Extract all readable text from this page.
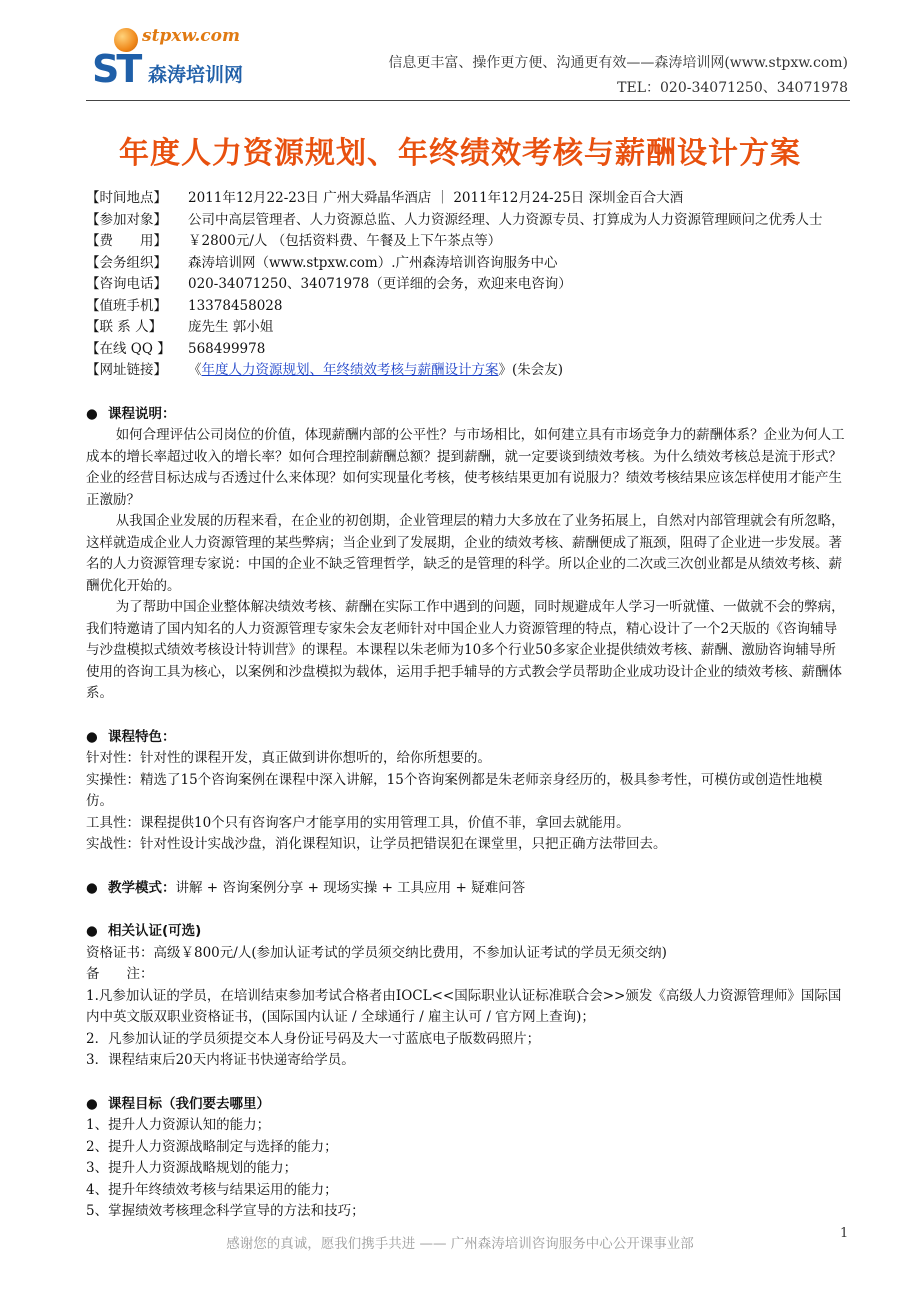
stpxw.com
ST 森涛培训网
信息更丰富、操作更方便、沟通更有效——森涛培训网(www.stpxw.com)
TEL：020-34071250、34071978
年度人力资源规划、年终绩效考核与薪酬设计方案
【时间地点】	2011年12月22-23日 广州大舜晶华酒店 ｜ 2011年12月24-25日 深圳金百合大酒
【参加对象】	公司中高层管理者、人力资源总监、人力资源经理、人力资源专员、打算成为人力资源管理顾问之优秀人士
【费　　用】	￥2800元/人 （包括资料费、午餐及上下午茶点等）
【会务组织】	森涛培训网（www.stpxw.com）.广州森涛培训咨询服务中心
【咨询电话】	020-34071250、34071978（更详细的会务，欢迎来电咨询）
【值班手机】	13378458028
【联 系 人】	庞先生 郭小姐
【在线 QQ 】	568499978
【网址链接】	《年度人力资源规划、年终绩效考核与薪酬设计方案》(朱会友)
● 课程说明：

如何合理评估公司岗位的价值，体现薪酬内部的公平性？与市场相比，如何建立具有市场竞争力的薪酬体系？企业为何人工成本的增长率超过收入的增长率？如何合理控制薪酬总额？提到薪酬，就一定要谈到绩效考核。为什么绩效考核总是流于形式？企业的经营目标达成与否透过什么来体现？如何实现量化考核，使考核结果更加有说服力？绩效考核结果应该怎样使用才能产生正激励？

从我国企业发展的历程来看，在企业的初创期，企业管理层的精力大多放在了业务拓展上，自然对内部管理就会有所忽略，这样就造成企业人力资源管理的某些弊病；当企业到了发展期，企业的绩效考核、薪酬便成了瓶颈，阻碍了企业进一步发展。著名的人力资源管理专家说：中国的企业不缺乏管理哲学，缺乏的是管理的科学。所以企业的二次或三次创业都是从绩效考核、薪酬优化开始的。

为了帮助中国企业整体解决绩效考核、薪酬在实际工作中遇到的问题，同时规避成年人学习一听就懂、一做就不会的弊病，我们特邀请了国内知名的人力资源管理专家朱会友老师针对中国企业人力资源管理的特点，精心设计了一个2天版的《咨询辅导与沙盘模拟式绩效考核设计特训营》的课程。本课程以朱老师为10多个行业50多家企业提供绩效考核、薪酬、激励咨询辅导所使用的咨询工具为核心，以案例和沙盘模拟为载体，运用手把手辅导的方式教会学员帮助企业成功设计企业的绩效考核、薪酬体系。

● 课程特色：

针对性：针对性的课程开发，真正做到讲你想听的，给你所想要的。

实操性：精选了15个咨询案例在课程中深入讲解，15个咨询案例都是朱老师亲身经历的，极具参考性，可模仿或创造性地模仿。

工具性：课程提供10个只有咨询客户才能享用的实用管理工具，价值不菲，拿回去就能用。

实战性：针对性设计实战沙盘，消化课程知识，让学员把错误犯在课堂里，只把正确方法带回去。

● 教学模式：讲解 + 咨询案例分享 + 现场实操 + 工具应用 + 疑难问答
● 相关认证(可选)

资格证书：高级￥800元/人(参加认证考试的学员须交纳比费用，不参加认证考试的学员无须交纳)

备　　注：

1.凡参加认证的学员，在培训结束参加考试合格者由IOCL<<国际职业认证标准联合会>>颁发《高级人力资源管理师》国际国内中英文版双职业资格证书，(国际国内认证 / 全球通行 / 雇主认可 / 官方网上查询)；

2．凡参加认证的学员须提交本人身份证号码及大一寸蓝底电子版数码照片；

3．课程结束后20天内将证书快递寄给学员。

● 课程目标（我们要去哪里）

1、提升人力资源认知的能力；

2、提升人力资源战略制定与选择的能力；

3、提升人力资源战略规划的能力；

4、提升年终绩效考核与结果运用的能力；

5、掌握绩效考核理念科学宣导的方法和技巧；

感谢您的真诚，愿我们携手共进 —— 广州森涛培训咨询服务中心公开课事业部
1
